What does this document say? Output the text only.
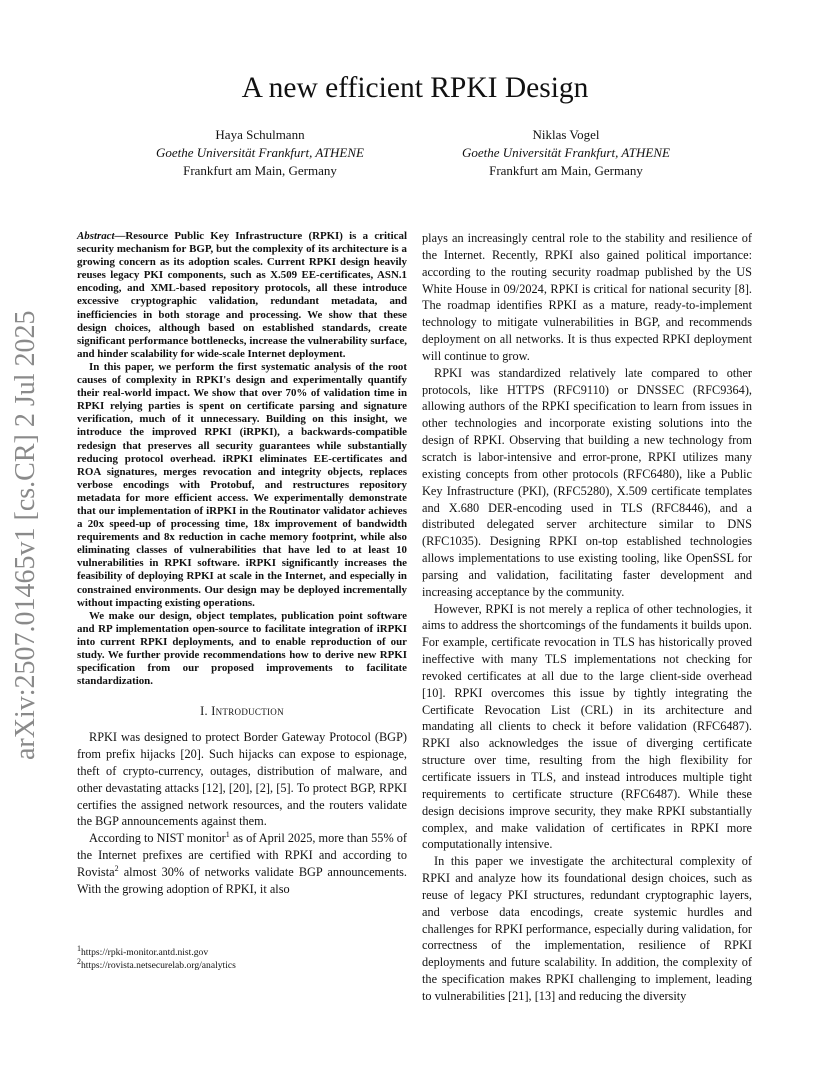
arXiv:2507.01465v1 [cs.CR] 2 Jul 2025
A new efficient RPKI Design
Haya Schulmann
Goethe Universität Frankfurt, ATHENE
Frankfurt am Main, Germany
Niklas Vogel
Goethe Universität Frankfurt, ATHENE
Frankfurt am Main, Germany

Abstract—Resource Public Key Infrastructure (RPKI) is a critical security mechanism for BGP, but the complexity of its architecture is a growing concern as its adoption scales. Current RPKI design heavily reuses legacy PKI components, such as X.509 EE-certificates, ASN.1 encoding, and XML-based repository protocols, all these introduce excessive cryptographic validation, redundant metadata, and inefficiencies in both storage and processing. We show that these design choices, although based on established standards, create significant performance bottlenecks, increase the vulnerability surface, and hinder scalability for wide-scale Internet deployment.

In this paper, we perform the first systematic analysis of the root causes of complexity in RPKI's design and experimentally quantify their real-world impact. We show that over 70% of validation time in RPKI relying parties is spent on certificate parsing and signature verification, much of it unnecessary. Building on this insight, we introduce the improved RPKI (iRPKI), a backwards-compatible redesign that preserves all security guarantees while substantially reducing protocol overhead. iRPKI eliminates EE-certificates and ROA signatures, merges revocation and integrity objects, replaces verbose encodings with Protobuf, and restructures repository metadata for more efficient access. We experimentally demonstrate that our implementation of iRPKI in the Routinator validator achieves a 20x speed-up of processing time, 18x improvement of bandwidth requirements and 8x reduction in cache memory footprint, while also eliminating classes of vulnerabilities that have led to at least 10 vulnerabilities in RPKI software. iRPKI significantly increases the feasibility of deploying RPKI at scale in the Internet, and especially in constrained environments. Our design may be deployed incrementally without impacting existing operations.

We make our design, object templates, publication point software and RP implementation open-source to facilitate integration of iRPKI into current RPKI deployments, and to enable reproduction of our study. We further provide recommendations how to derive new RPKI specification from our proposed improvements to facilitate standardization.

I. Introduction

RPKI was designed to protect Border Gateway Protocol (BGP) from prefix hijacks [20]. Such hijacks can expose to espionage, theft of crypto-currency, outages, distribution of malware, and other devastating attacks [12], [20], [2], [5]. To protect BGP, RPKI certifies the assigned network resources, and the routers validate the BGP announcements against them.

According to NIST monitor$^1$ as of April 2025, more than 55% of the Internet prefixes are certified with RPKI and according to Rovista$^2$ almost 30% of networks validate BGP announcements. With the growing adoption of RPKI, it also

$^1$https://rpki-monitor.antd.nist.gov
$^2$https://rovista.netsecurelab.org/analytics

plays an increasingly central role to the stability and resilience of the Internet. Recently, RPKI also gained political importance: according to the routing security roadmap published by the US White House in 09/2024, RPKI is critical for national security [8]. The roadmap identifies RPKI as a mature, ready-to-implement technology to mitigate vulnerabilities in BGP, and recommends deployment on all networks. It is thus expected RPKI deployment will continue to grow.

RPKI was standardized relatively late compared to other protocols, like HTTPS (RFC9110) or DNSSEC (RFC9364), allowing authors of the RPKI specification to learn from issues in other technologies and incorporate existing solutions into the design of RPKI. Observing that building a new technology from scratch is labor-intensive and error-prone, RPKI utilizes many existing concepts from other protocols (RFC6480), like a Public Key Infrastructure (PKI), (RFC5280), X.509 certificate templates and X.680 DER-encoding used in TLS (RFC8446), and a distributed delegated server architecture similar to DNS (RFC1035). Designing RPKI on-top established technologies allows implementations to use existing tooling, like OpenSSL for parsing and validation, facilitating faster development and increasing acceptance by the community.

However, RPKI is not merely a replica of other technologies, it aims to address the shortcomings of the fundaments it builds upon. For example, certificate revocation in TLS has historically proved ineffective with many TLS implementations not checking for revoked certificates at all due to the large client-side overhead [10]. RPKI overcomes this issue by tightly integrating the Certificate Revocation List (CRL) in its architecture and mandating all clients to check it before validation (RFC6487). RPKI also acknowledges the issue of diverging certificate structure over time, resulting from the high flexibility for certificate issuers in TLS, and instead introduces multiple tight requirements to certificate structure (RFC6487). While these design decisions improve security, they make RPKI substantially complex, and make validation of certificates in RPKI more computationally intensive.

In this paper we investigate the architectural complexity of RPKI and analyze how its foundational design choices, such as reuse of legacy PKI structures, redundant cryptographic layers, and verbose data encodings, create systemic hurdles and challenges for RPKI performance, especially during validation, for correctness of the implementation, resilience of RPKI deployments and future scalability. In addition, the complexity of the specification makes RPKI challenging to implement, leading to vulnerabilities [21], [13] and reducing the diversity
